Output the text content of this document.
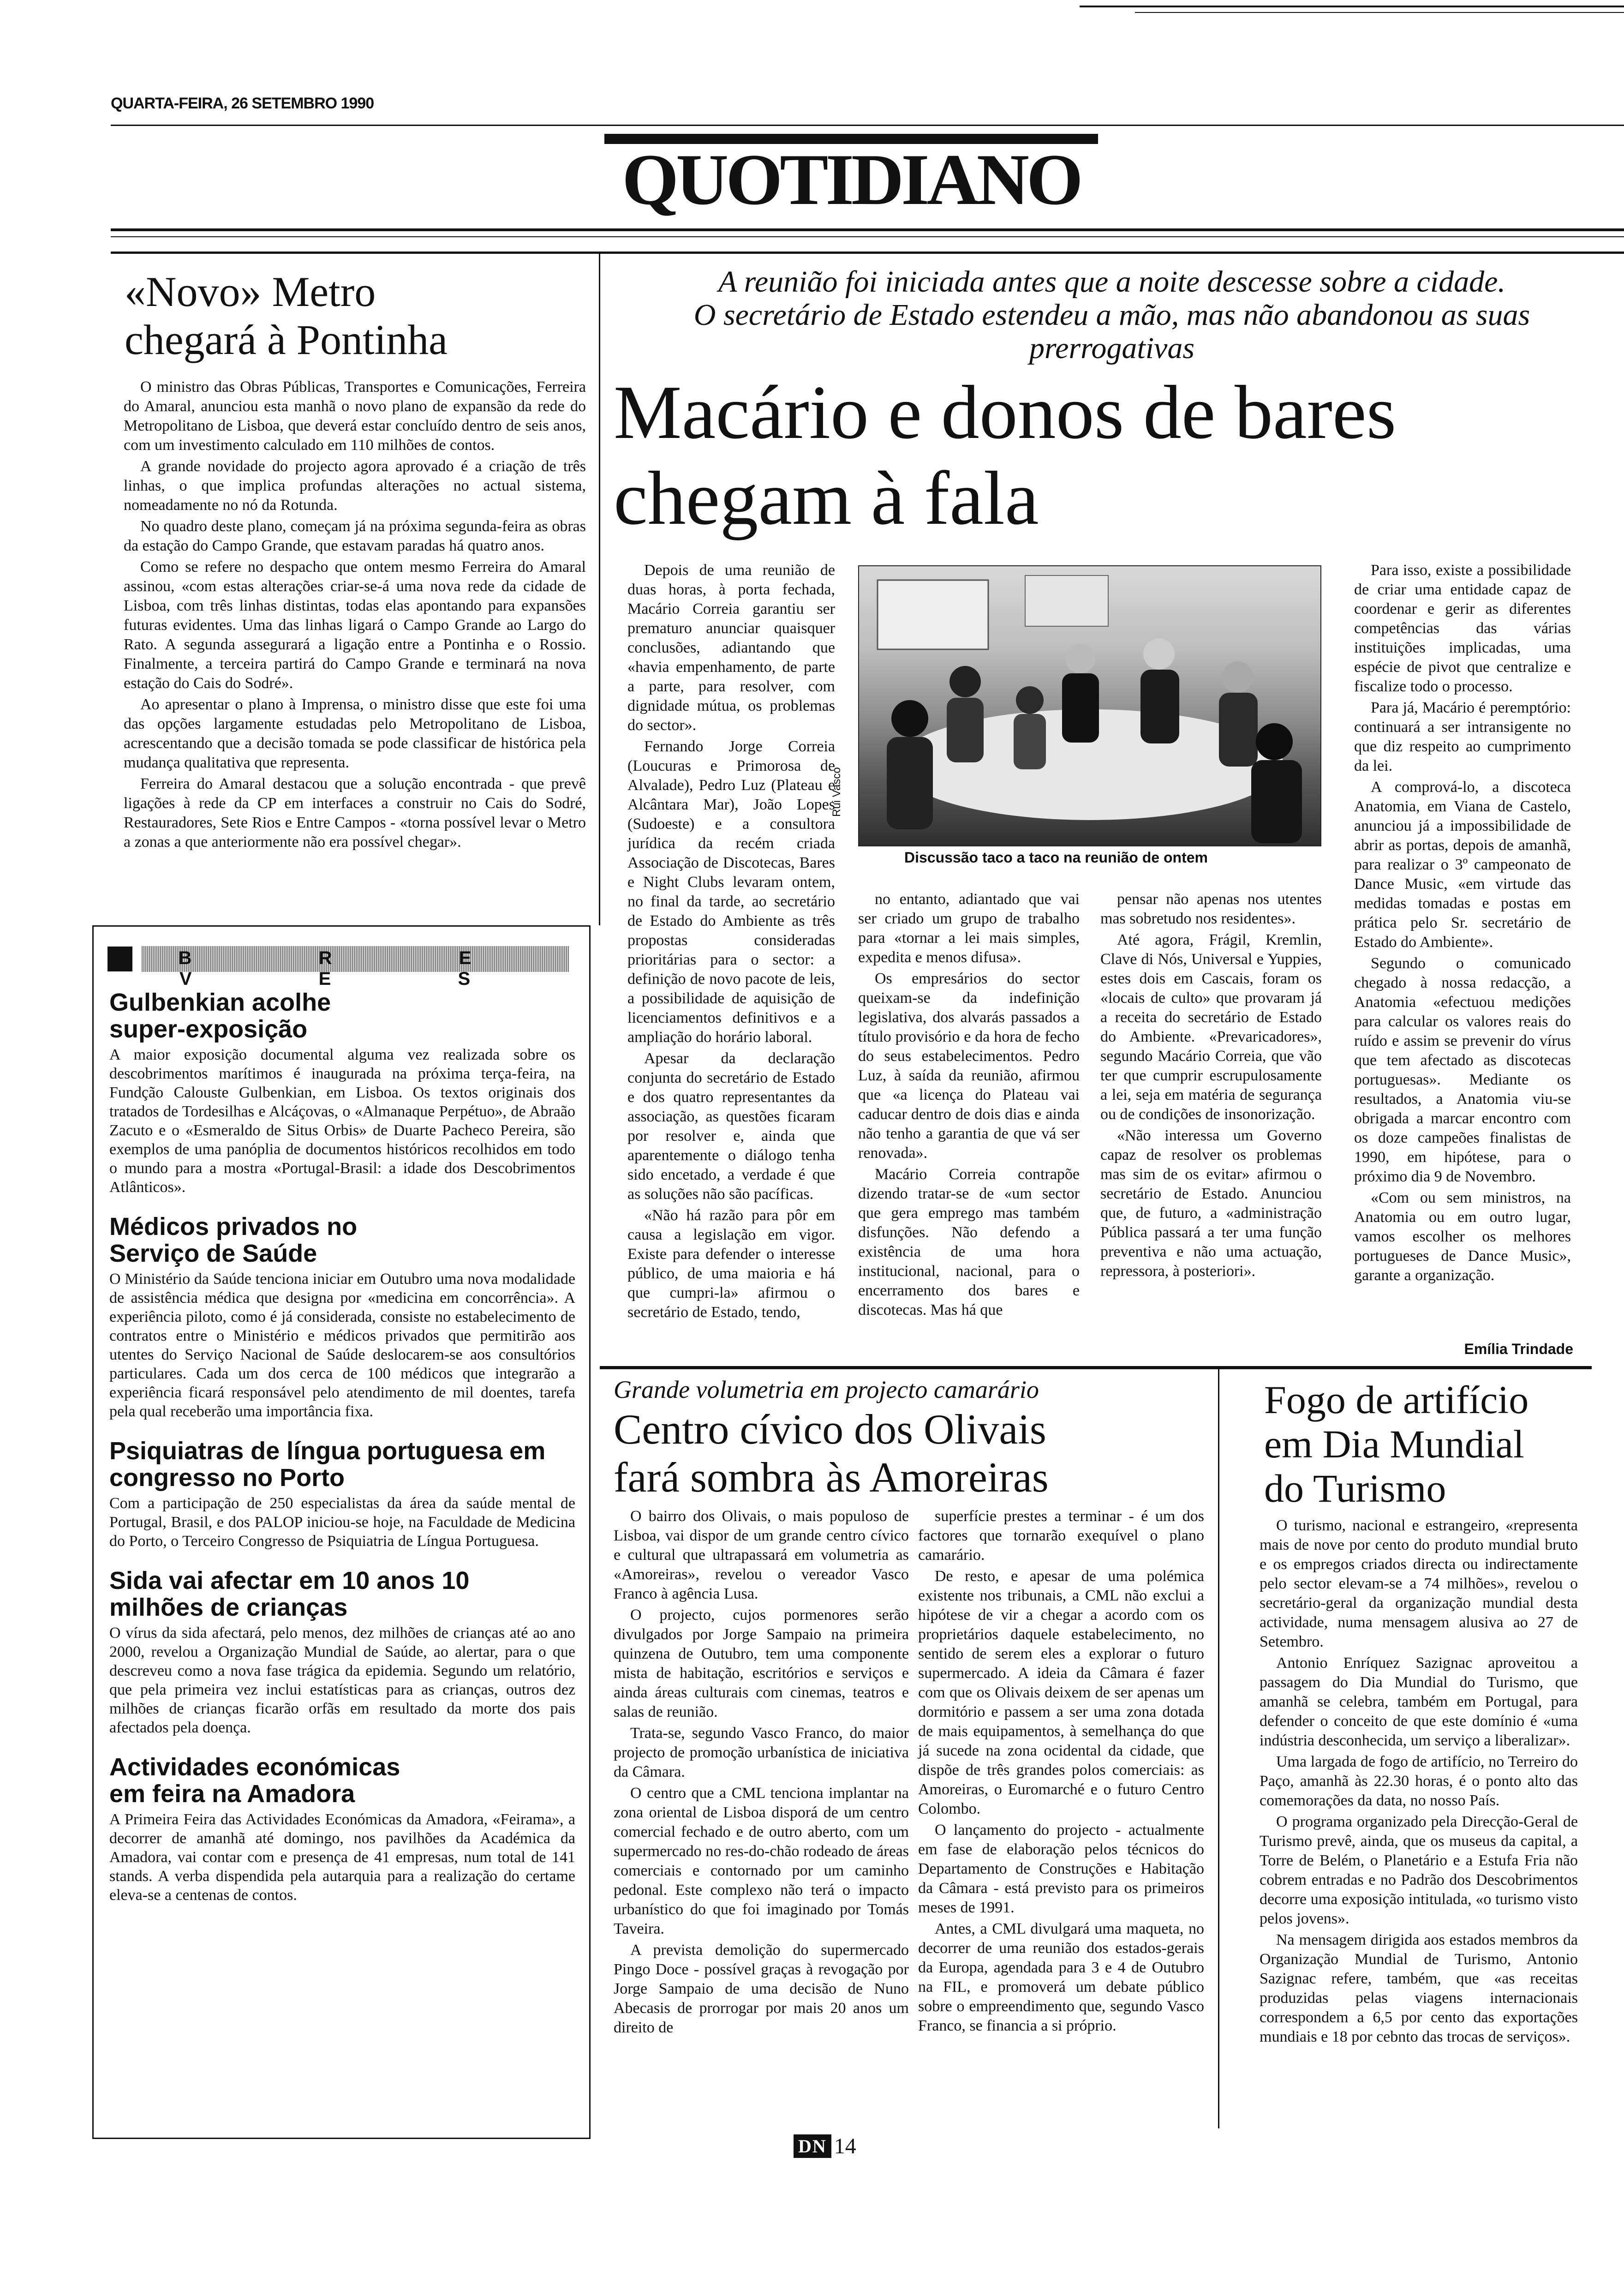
QUARTA-FEIRA, 26 SETEMBRO 1990
QUOTIDIANO
«Novo» Metro
chegará à Pontinha

O ministro das Obras Públicas, Transportes e Comunicações, Ferreira do Amaral, anunciou esta manhã o novo plano de expansão da rede do Metropolitano de Lisboa, que deverá estar concluído dentro de seis anos, com um investimento calculado em 110 milhões de contos.

A grande novidade do projecto agora aprovado é a criação de três linhas, o que implica profundas alterações no actual sistema, nomeadamente no nó da Rotunda.

No quadro deste plano, começam já na próxima segunda-feira as obras da estação do Campo Grande, que estavam paradas há quatro anos.

Como se refere no despacho que ontem mesmo Ferreira do Amaral assinou, «com estas alterações criar-se-á uma nova rede da cidade de Lisboa, com três linhas distintas, todas elas apontando para expansões futuras evidentes. Uma das linhas ligará o Campo Grande ao Largo do Rato. A segunda assegurará a ligação entre a Pontinha e o Rossio. Finalmente, a terceira partirá do Campo Grande e terminará na nova estação do Cais do Sodré».

Ao apresentar o plano à Imprensa, o ministro disse que este foi uma das opções largamente estudadas pelo Metropolitano de Lisboa, acrescentando que a decisão tomada se pode classificar de histórica pela mudança qualitativa que representa.

Ferreira do Amaral destacou que a solução encontrada - que prevê ligações à rede da CP em interfaces a construir no Cais do Sodré, Restauradores, Sete Rios e Entre Campos - «torna possível levar o Metro a zonas a que anteriormente não era possível chegar».

B R E V E S
Gulbenkian acolhe super-exposição
A maior exposição documental alguma vez realizada sobre os descobrimentos marítimos é inaugurada na próxima terça-feira, na Fundção Calouste Gulbenkian, em Lisboa. Os textos originais dos tratados de Tordesilhas e Alcáçovas, o «Almanaque Perpétuo», de Abraão Zacuto e o «Esmeraldo de Situs Orbis» de Duarte Pacheco Pereira, são exemplos de uma panóplia de documentos históricos recolhidos em todo o mundo para a mostra «Portugal-Brasil: a idade dos Descobrimentos Atlânticos».
Médicos privados no Serviço de Saúde
O Ministério da Saúde tenciona iniciar em Outubro uma nova modalidade de assistência médica que designa por «medicina em concorrência». A experiência piloto, como é já considerada, consiste no estabelecimento de contratos entre o Ministério e médicos privados que permitirão aos utentes do Serviço Nacional de Saúde deslocarem-se aos consultórios particulares. Cada um dos cerca de 100 médicos que integrarão a experiência ficará responsável pelo atendimento de mil doentes, tarefa pela qual receberão uma importância fixa.
Psiquiatras de língua portuguesa em congresso no Porto
Com a participação de 250 especialistas da área da saúde mental de Portugal, Brasil, e dos PALOP iniciou-se hoje, na Faculdade de Medicina do Porto, o Terceiro Congresso de Psiquiatria de Língua Portuguesa.
Sida vai afectar em 10 anos 10 milhões de crianças
O vírus da sida afectará, pelo menos, dez milhões de crianças até ao ano 2000, revelou a Organização Mundial de Saúde, ao alertar, para o que descreveu como a nova fase trágica da epidemia. Segundo um relatório, que pela primeira vez inclui estatísticas para as crianças, outros dez milhões de crianças ficarão orfãs em resultado da morte dos pais afectados pela doença.
Actividades económicas em feira na Amadora
A Primeira Feira das Actividades Económicas da Amadora, «Feirama», a decorrer de amanhã até domingo, nos pavilhões da Académica da Amadora, vai contar com e presença de 41 empresas, num total de 141 stands. A verba dispendida pela autarquia para a realização do certame eleva-se a centenas de contos.
A reunião foi iniciada antes que a noite descesse sobre a cidade.
O secretário de Estado estendeu a mão, mas não abandonou as suas
prerrogativas
Macário e donos de bares
chegam à fala
Rui Vasco
Discussão taco a taco na reunião de ontem

Depois de uma reunião de duas horas, à porta fechada, Macário Correia garantiu ser prematuro anunciar quaisquer conclusões, adiantando que «havia empenhamento, de parte a parte, para resolver, com dignidade mútua, os problemas do sector».

Fernando Jorge Correia (Loucuras e Primorosa de Alvalade), Pedro Luz (Plateau e Alcântara Mar), João Lopes (Sudoeste) e a consultora jurídica da recém criada Associação de Discotecas, Bares e Night Clubs levaram ontem, no final da tarde, ao secretário de Estado do Ambiente as três propostas consideradas prioritárias para o sector: a definição de novo pacote de leis, a possibilidade de aquisição de licenciamentos definitivos e a ampliação do horário laboral.

Apesar da declaração conjunta do secretário de Estado e dos quatro representantes da associação, as questões ficaram por resolver e, ainda que aparentemente o diálogo tenha sido encetado, a verdade é que as soluções não são pacíficas.

«Não há razão para pôr em causa a legislação em vigor. Existe para defender o interesse público, de uma maioria e há que cumpri-la» afirmou o secretário de Estado, tendo,

no entanto, adiantado que vai ser criado um grupo de trabalho para «tornar a lei mais simples, expedita e menos difusa».

Os empresários do sector queixam-se da indefinição legislativa, dos alvarás passados a título provisório e da hora de fecho do seus estabelecimentos. Pedro Luz, à saída da reunião, afirmou que «a licença do Plateau vai caducar dentro de dois dias e ainda não tenho a garantia de que vá ser renovada».

Macário Correia contrapõe dizendo tratar-se de «um sector que gera emprego mas também disfunções. Não defendo a existência de uma hora institucional, nacional, para o encerramento dos bares e discotecas. Mas há que

pensar não apenas nos utentes mas sobretudo nos residentes».

Até agora, Frágil, Kremlin, Clave di Nós, Universal e Yuppies, estes dois em Cascais, foram os «locais de culto» que provaram já a receita do secretário de Estado do Ambiente. «Prevaricadores», segundo Macário Correia, que vão ter que cumprir escrupulosamente a lei, seja em matéria de segurança ou de condições de insonorização.

«Não interessa um Governo capaz de resolver os problemas mas sim de os evitar» afirmou o secretário de Estado. Anunciou que, de futuro, a «administração Pública passará a ter uma função preventiva e não uma actuação, repressora, à posteriori».

Para isso, existe a possibilidade de criar uma entidade capaz de coordenar e gerir as diferentes competências das várias instituições implicadas, uma espécie de pivot que centralize e fiscalize todo o processo.

Para já, Macário é peremptório: continuará a ser intransigente no que diz respeito ao cumprimento da lei.

A comprová-lo, a discoteca Anatomia, em Viana de Castelo, anunciou já a impossibilidade de abrir as portas, depois de amanhã, para realizar o 3º campeonato de Dance Music, «em virtude das medidas tomadas e postas em prática pelo Sr. secretário de Estado do Ambiente».

Segundo o comunicado chegado à nossa redacção, a Anatomia «efectuou medições para calcular os valores reais do ruído e assim se prevenir do vírus que tem afectado as discotecas portuguesas». Mediante os resultados, a Anatomia viu-se obrigada a marcar encontro com os doze campeões finalistas de 1990, em hipótese, para o próximo dia 9 de Novembro.

«Com ou sem ministros, na Anatomia ou em outro lugar, vamos escolher os melhores portugueses de Dance Music», garante a organização.

Emília Trindade
Grande volumetria em projecto camarário
Centro cívico dos Olivais
fará sombra às Amoreiras

O bairro dos Olivais, o mais populoso de Lisboa, vai dispor de um grande centro cívico e cultural que ultrapassará em volumetria as «Amoreiras», revelou o vereador Vasco Franco à agência Lusa.

O projecto, cujos pormenores serão divulgados por Jorge Sampaio na primeira quinzena de Outubro, tem uma componente mista de habitação, escritórios e serviços e ainda áreas culturais com cinemas, teatros e salas de reunião.

Trata-se, segundo Vasco Franco, do maior projecto de promoção urbanística de iniciativa da Câmara.

O centro que a CML tenciona implantar na zona oriental de Lisboa disporá de um centro comercial fechado e de outro aberto, com um supermercado no res-do-chão rodeado de áreas comerciais e contornado por um caminho pedonal. Este complexo não terá o impacto urbanístico do que foi imaginado por Tomás Taveira.

A prevista demolição do supermercado Pingo Doce - possível graças à revogação por Jorge Sampaio de uma decisão de Nuno Abecasis de prorrogar por mais 20 anos um direito de

superfície prestes a terminar - é um dos factores que tornarão exequível o plano camarário.

De resto, e apesar de uma polémica existente nos tribunais, a CML não exclui a hipótese de vir a chegar a acordo com os proprietários daquele estabelecimento, no sentido de serem eles a explorar o futuro supermercado. A ideia da Câmara é fazer com que os Olivais deixem de ser apenas um dormitório e passem a ser uma zona dotada de mais equipamentos, à semelhança do que já sucede na zona ocidental da cidade, que dispõe de três grandes polos comerciais: as Amoreiras, o Euromarché e o futuro Centro Colombo.

O lançamento do projecto - actualmente em fase de elaboração pelos técnicos do Departamento de Construções e Habitação da Câmara - está previsto para os primeiros meses de 1991.

Antes, a CML divulgará uma maqueta, no decorrer de uma reunião dos estados-gerais da Europa, agendada para 3 e 4 de Outubro na FIL, e promoverá um debate público sobre o empreendimento que, segundo Vasco Franco, se financia a si próprio.

Fogo de artifício
em Dia Mundial
do Turismo

O turismo, nacional e estrangeiro, «representa mais de nove por cento do produto mundial bruto e os empregos criados directa ou indirectamente pelo sector elevam-se a 74 milhões», revelou o secretário-geral da organização mundial desta actividade, numa mensagem alusiva ao 27 de Setembro.

Antonio Enríquez Sazignac aproveitou a passagem do Dia Mundial do Turismo, que amanhã se celebra, também em Portugal, para defender o conceito de que este domínio é «uma indústria desconhecida, um serviço a liberalizar».

Uma largada de fogo de artifício, no Terreiro do Paço, amanhã às 22.30 horas, é o ponto alto das comemorações da data, no nosso País.

O programa organizado pela Direcção-Geral de Turismo prevê, ainda, que os museus da capital, a Torre de Belém, o Planetário e a Estufa Fria não cobrem entradas e no Padrão dos Descobrimentos decorre uma exposição intitulada, «o turismo visto pelos jovens».

Na mensagem dirigida aos estados membros da Organização Mundial de Turismo, Antonio Sazignac refere, também, que «as receitas produzidas pelas viagens internacionais correspondem a 6,5 por cento das exportações mundiais e 18 por cebnto das trocas de serviços».

DN 14
